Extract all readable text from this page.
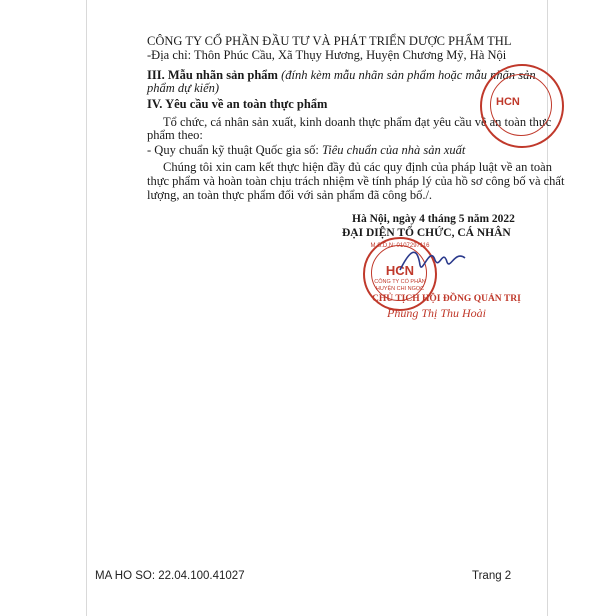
CÔNG TY CỔ PHẦN ĐẦU TƯ VÀ PHÁT TRIỂN DƯỢC PHẨM THL
-Địa chỉ: Thôn Phúc Cầu, Xã Thụy Hương, Huyện Chương Mỹ, Hà Nội
III. Mẫu nhãn sản phẩm (đính kèm mẫu nhãn sản phẩm hoặc mẫu nhãn sản
phẩm dự kiến)
IV. Yêu cầu về an toàn thực phẩm
Tổ chức, cá nhân sản xuất, kinh doanh thực phẩm đạt yêu cầu về an toàn thực
phẩm theo:
- Quy chuẩn kỹ thuật Quốc gia số: Tiêu chuẩn của nhà sản xuất
Chúng tôi xin cam kết thực hiện đầy đủ các quy định của pháp luật về an toàn
thực phẩm và hoàn toàn chịu trách nhiệm về tính pháp lý của hồ sơ công bố và chất
lượng, an toàn thực phẩm đối với sản phẩm đã công bố./.
HCN
Hà Nội, ngày 4 tháng 5 năm 2022
ĐẠI DIỆN TỔ CHỨC, CÁ NHÂN
M.S.D.N: 0107297116
HCN
CÔNG TY CỔ PHẦN
HUYỆN CHI NGỌC
CHỦ TỊCH HỘI ĐỒNG QUẢN TRỊ
Phùng Thị Thu Hoài
MA HO SO: 22.04.100.41027	Trang 2
